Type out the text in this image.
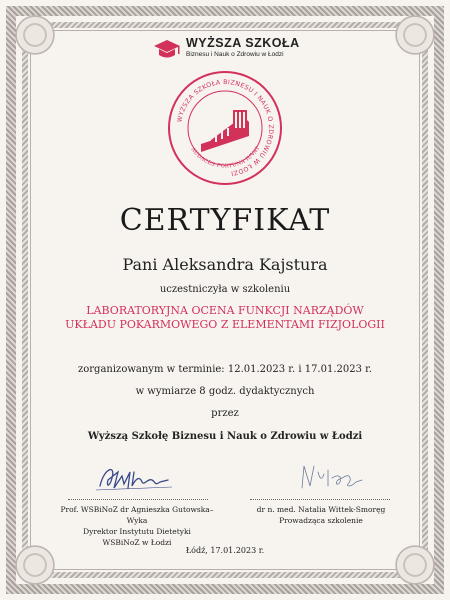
WYŻSZA SZKOŁA
Biznesu i Nauk o Zdrowiu w Łodzi
WYŻSZA SZKOŁA BIZNESU I NAUK O ZDROWIU W ŁODZI
AUDACES FORTUNA IUVAT
CERTYFIKAT
Pani Aleksandra Kajstura
uczestniczyła w szkoleniu
LABORATORYJNA OCENA FUNKCJI NARZĄDÓW
UKŁADU POKARMOWEGO Z ELEMENTAMI FIZJOLOGII
zorganizowanym w terminie: 12.01.2023 r. i 17.01.2023 r.
w wymiarze 8 godz. dydaktycznych
przez
Wyższą Szkołę Biznesu i Nauk o Zdrowiu w Łodzi
Prof. WSBiNoZ dr Agnieszka Gutowska–Wyka
Dyrektor Instytutu Dietetyki
WSBiNoZ w Łodzi
dr n. med. Natalia Wittek-Smoręg
Prowadząca szkolenie
Łódź, 17.01.2023 r.
